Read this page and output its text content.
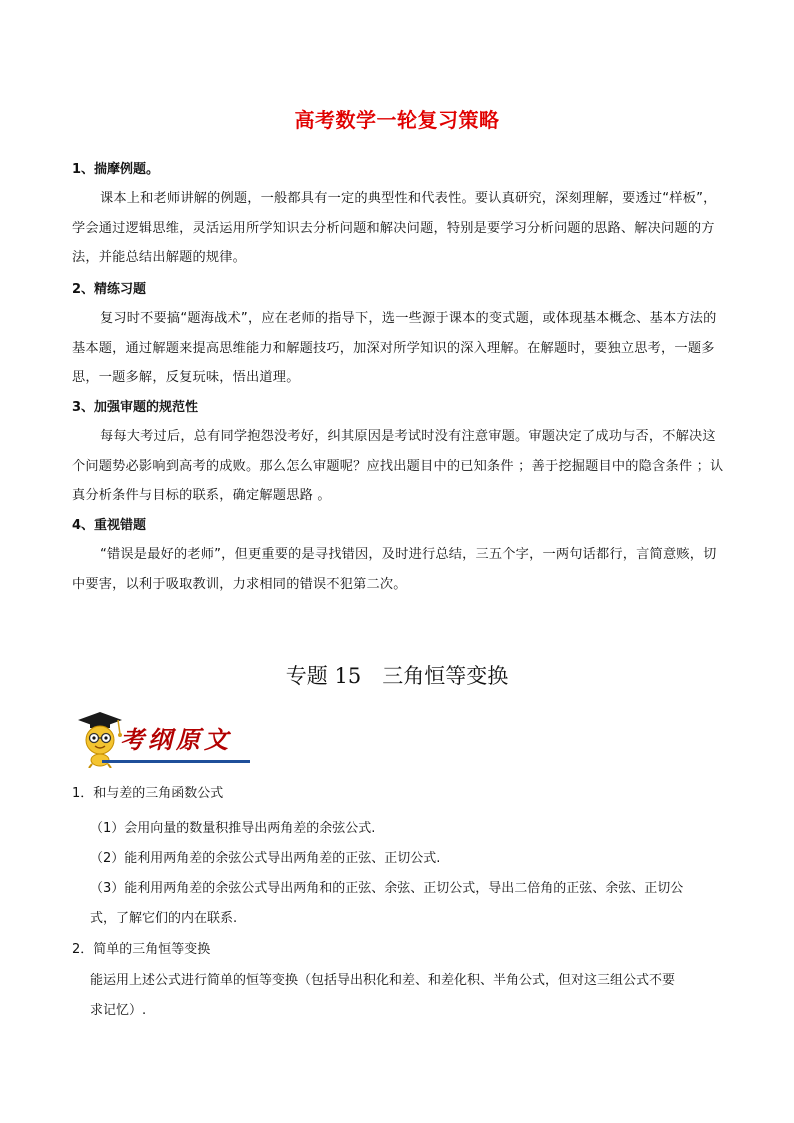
高考数学一轮复习策略

1、揣摩例题。

课本上和老师讲解的例题，一般都具有一定的典型性和代表性。要认真研究，深刻理解，要透过“样板”，学会通过逻辑思维，灵活运用所学知识去分析问题和解决问题，特别是要学习分析问题的思路、解决问题的方法，并能总结出解题的规律。

2、精练习题

复习时不要搞“题海战术”，应在老师的指导下，选一些源于课本的变式题，或体现基本概念、基本方法的基本题，通过解题来提高思维能力和解题技巧，加深对所学知识的深入理解。在解题时，要独立思考，一题多思，一题多解，反复玩味，悟出道理。

3、加强审题的规范性

每每大考过后，总有同学抱怨没考好，纠其原因是考试时没有注意审题。审题决定了成功与否，不解决这个问题势必影响到高考的成败。那么怎么审题呢？应找出题目中的已知条件 ；善于挖掘题目中的隐含条件 ；认真分析条件与目标的联系，确定解题思路 。

4、重视错题

“错误是最好的老师”，但更重要的是寻找错因，及时进行总结，三五个字，一两句话都行，言简意赅，切中要害，以利于吸取教训，力求相同的错误不犯第二次。

专题 15　三角恒等变换
考纲原文
1．和与差的三角函数公式
（1）会用向量的数量积推导出两角差的余弦公式.
（2）能利用两角差的余弦公式导出两角差的正弦、正切公式.
（3）能利用两角差的余弦公式导出两角和的正弦、余弦、正切公式，导出二倍角的正弦、余弦、正切公
式，了解它们的内在联系.
2．简单的三角恒等变换
能运用上述公式进行简单的恒等变换（包括导出积化和差、和差化积、半角公式，但对这三组公式不要
求记忆）.
